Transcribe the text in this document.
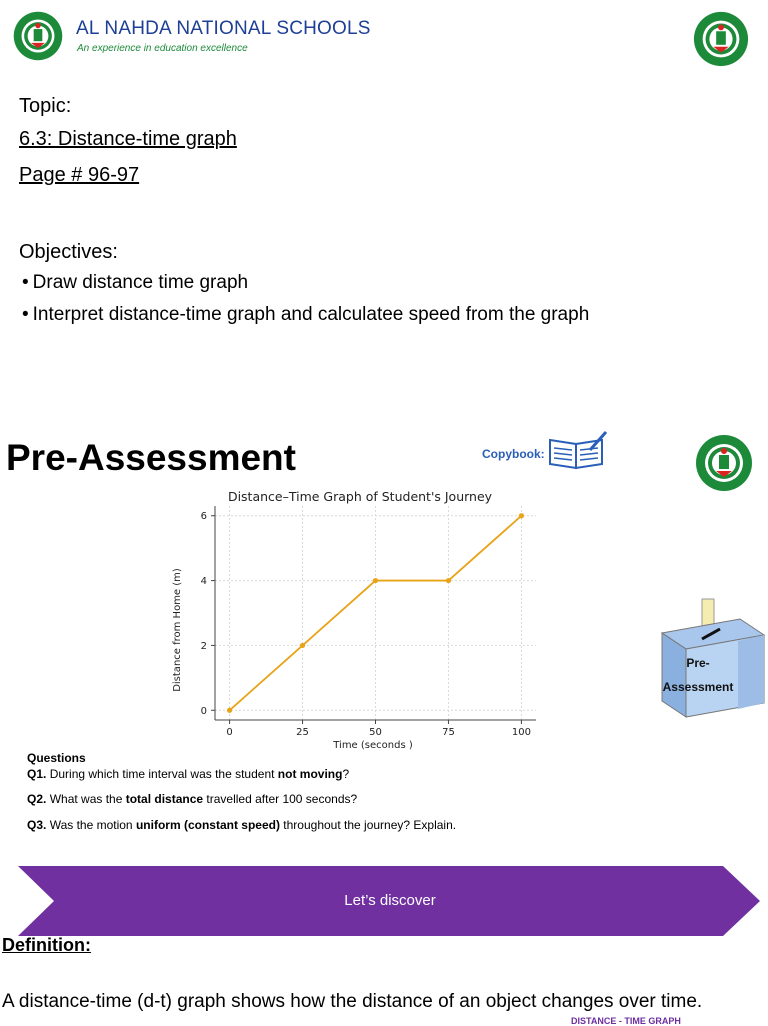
AL NAHDA NATIONAL SCHOOLS
An experience in education excellence
Topic:
6.3: Distance-time graph
Page # 96-97
Objectives:
• Draw distance time graph
• Interpret distance-time graph and calculatee speed from the graph
Pre-Assessment	Copybook:
Distance–Time Graph of Student's Journey
Distance from Home (m)
Time (seconds )
0	25	50	75	100
0
2
4
6
Pre-
Assessment
Questions
Q1. During which time interval was the student not moving?
Q2. What was the total distance travelled after 100 seconds?
Q3. Was the motion uniform (constant speed) throughout the journey? Explain.
Let’s discover
Definition:
A distance-time (d-t) graph shows how the distance of an object changes over time.
DISTANCE - TIME GRAPH
